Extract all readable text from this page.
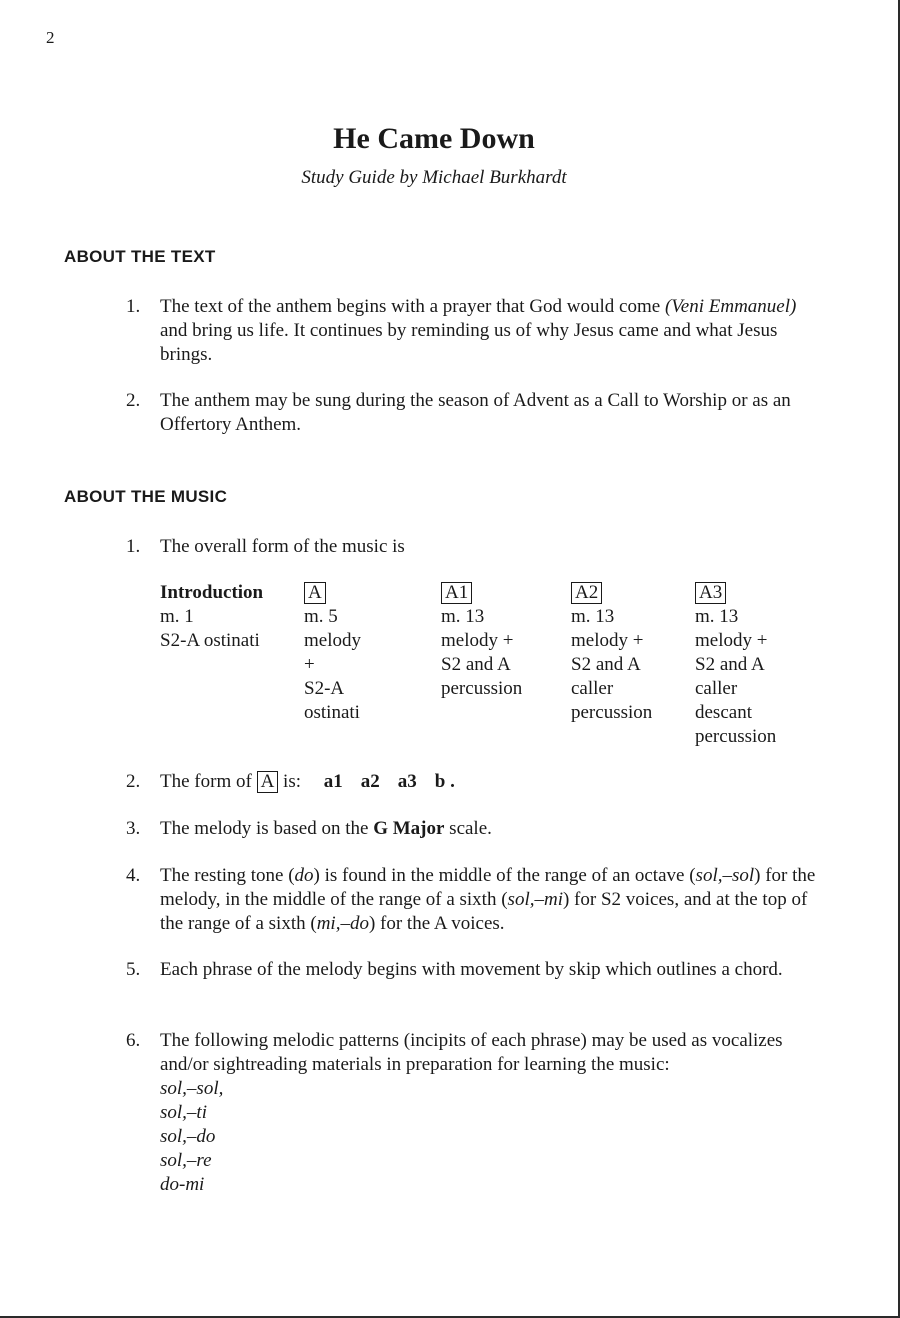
2
He Came Down
Study Guide by Michael Burkhardt
ABOUT THE TEXT
1. The text of the anthem begins with a prayer that God would come (Veni Emmanuel) and bring us life. It continues by reminding us of why Jesus came and what Jesus brings.
2. The anthem may be sung during the season of Advent as a Call to Worship or as an Offertory Anthem.
ABOUT THE MUSIC
1. The overall form of the music is
Introduction
m. 1
S2-A ostinati
A
m. 5
melody +
S2-A ostinati
A1
m. 13
melody +
S2 and A
percussion
A2
m. 13
melody +
S2 and A
caller
percussion
A3
m. 13
melody +
S2 and A
caller
descant
percussion
2. The form of A is: a1 a2 a3 b .
3. The melody is based on the G Major scale.
4. The resting tone (do) is found in the middle of the range of an octave (sol,–sol) for the melody, in the middle of the range of a sixth (sol,–mi) for S2 voices, and at the top of the range of a sixth (mi,–do) for the A voices.
5. Each phrase of the melody begins with movement by skip which outlines a chord.
6. The following melodic patterns (incipits of each phrase) may be used as vocalizes and/or sightreading materials in preparation for learning the music:
sol,–sol,
sol,–ti
sol,–do
sol,–re
do-mi
